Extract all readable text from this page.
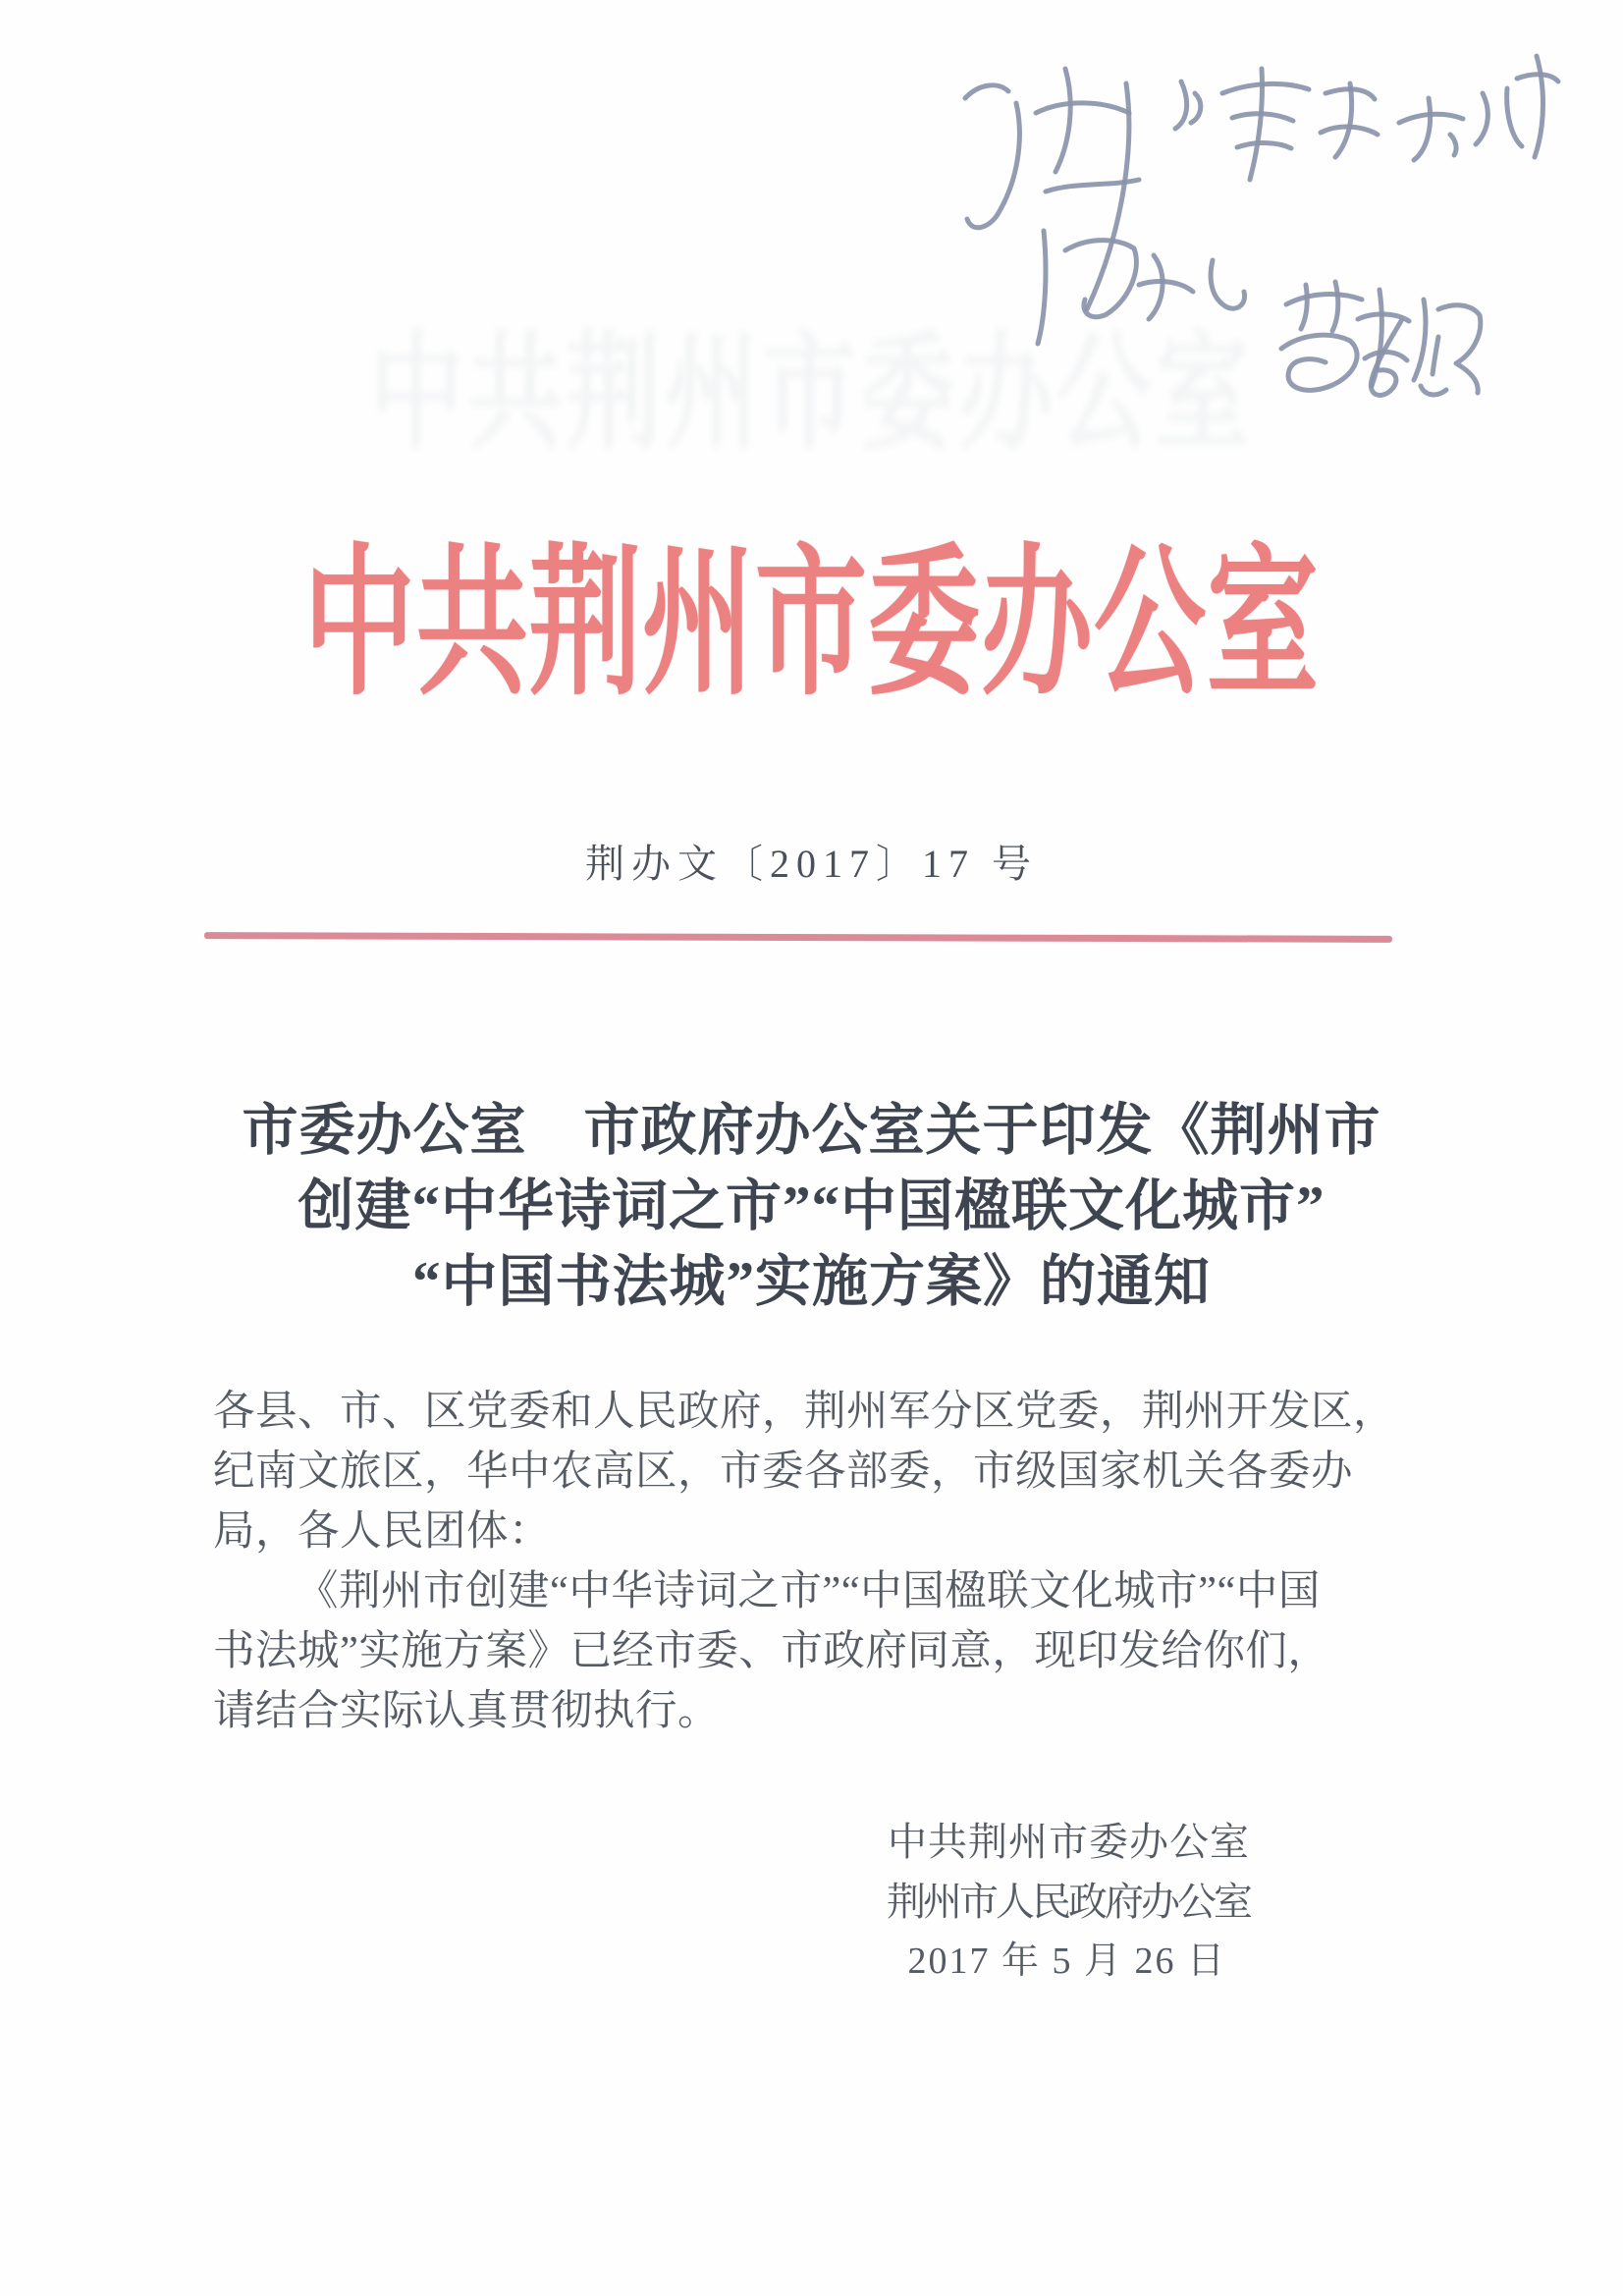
中共荆州市委办公室
中共荆州市委办公室
荆办文〔2017〕17 号
市委办公室　市政府办公室关于印发《荆州市
创建“中华诗词之市”“中国楹联文化城市”
“中国书法城”实施方案》的通知
各县、市、区党委和人民政府，荆州军分区党委，荆州开发区，
纪南文旅区，华中农高区，市委各部委，市级国家机关各委办
局，各人民团体：
《荆州市创建“中华诗词之市”“中国楹联文化城市”“中国
书法城”实施方案》已经市委、市政府同意，现印发给你们，
请结合实际认真贯彻执行。
中共荆州市委办公室
荆州市人民政府办公室
2017 年 5 月 26 日
